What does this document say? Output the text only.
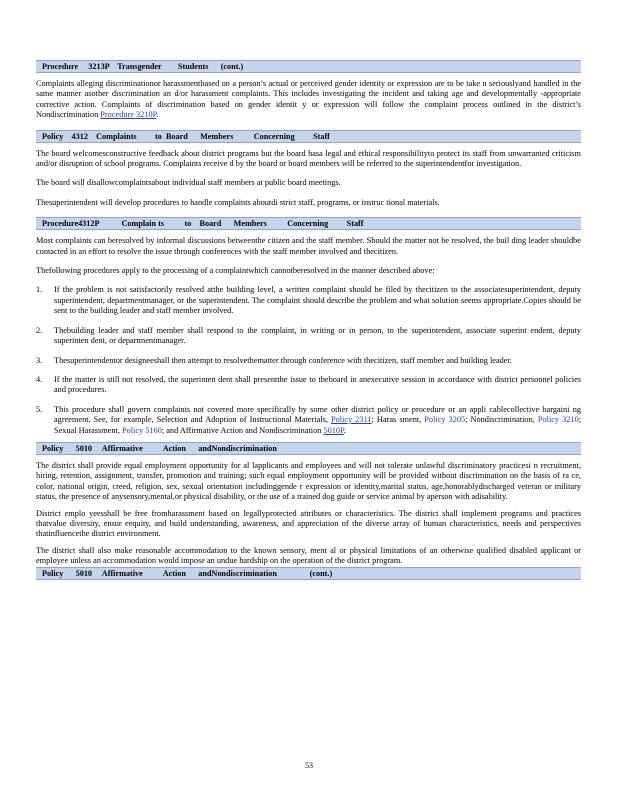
Procedure     3213P    Transgender        Students      (cont.)

Complaints alleging discriminationor harassmentbased on a person’s actual or perceived gender identity or expression are to be take n seriouslyand handled in the same manner asother discrimination an d/or harassment complaints. This includes investigating the incident and taking age and developmentally -appropriate corrective action. Complaints of discrimination based on gender identit y or expression will follow the complaint process outlined in the district’s Nondiscrimination Procedure 3210P.

Policy    4312    Complaints         to  Board      Members          Concerning         Staff

The board welcomesconstructive feedback about district programs but the board hasa legal and ethical responsibilityto protect its staff from unwarranted criticism and/or disruption of school programs. Complaints receive d by the board or board members will be referred to the superintendentfor investigation.

The board will disallowcomplaintsabout individual staff members at public board meetings.

Thesuperintendent will develop procedures to handle complaints aboutdi strict staff, programs, or instruc tional materials.

Procedure4312P           Complain ts          to    Board      Members          Concerning         Staff

Most complaints can beresolved by informal discussions betweenthe citizen and the staff member. Should the matter not be resolved, the buil ding leader shouldbe contacted in an effort to resolve the issue through conferences with the staff member involved and thecitizen.

Thefollowing procedures apply to the processing of a complaintwhich cannotberesolved in the manner described above:

1. If the problem is not satisfactorily resolved atthe building level, a written complaint should be filed by thecitizen to the associatesuperintendent, deputy superintendent, departmentmanager, or the superintendent. The complaint should describe the problem and what solution seems appropriate.Copies should be sent to the building leader and staff member involved.
2. Thebuilding leader and staff member shall respond to the complaint, in writing or in person, to the superintendent, associate superint endent, deputy superinten dent, or departmentmanager.
3. Thesuperintendentor designeeshall then attempt to resolvethematter through conference with thecitizen, staff member and building leader.
4. If the matter is still not resolved, the superinten dent shall presentthe issue to theboard in anexecutive session in accordance with district personnel policies and procedures.
5. This procedure shall govern complaints not covered more specifically by some other district policy or procedure or an appli cablecollective bargaini ng agreement. See, for example, Selection and Adoption of Instructional Materials, Policy 2311; Haras sment, Policy 3205; Nondiscrimination, Policy 3210; Sexual Harassment, Policy 5160; and Affirmative Action and Nondiscrimination 5010P.
Policy      5010     Affirmative          Action      andNondiscrimination

The district shall provide equal employment opportunity for al lapplicants and employees and will not tolerate unlawful discriminatory practicesi n recruitment, hiring, retention, assignment, transfer, promotion and training; such equal employment opportunity will be provided without discrimination on the basis of ra ce, color, national origin, creed, religion, sex, sexual orientation includinggende r expression or identity,marital status, age,honorablydischarged veteran or military status, the presence of anysensory,mental,or physical disability, or the use of a trained dog guide or service animal by aperson with adisability.

District emplo yeesshall be free fromharassment based on legallyprotected attributes or characteristics. The district shall implement programs and practices thatvalue diversity, ensur eequity, and build understanding, awareness, and appreciation of the diverse array of human characteristics, needs and perspectives thatinfluencethe district environment.

The district shall also make reasonable accommodation to the known sensory, ment al or physical limitations of an otherwise qualified disabled applicant or employee unless an accommodation would impose an undue hardship on the operation of the district program.

Policy      5010     Affirmative          Action      andNondiscrimination                (cont.)
53
